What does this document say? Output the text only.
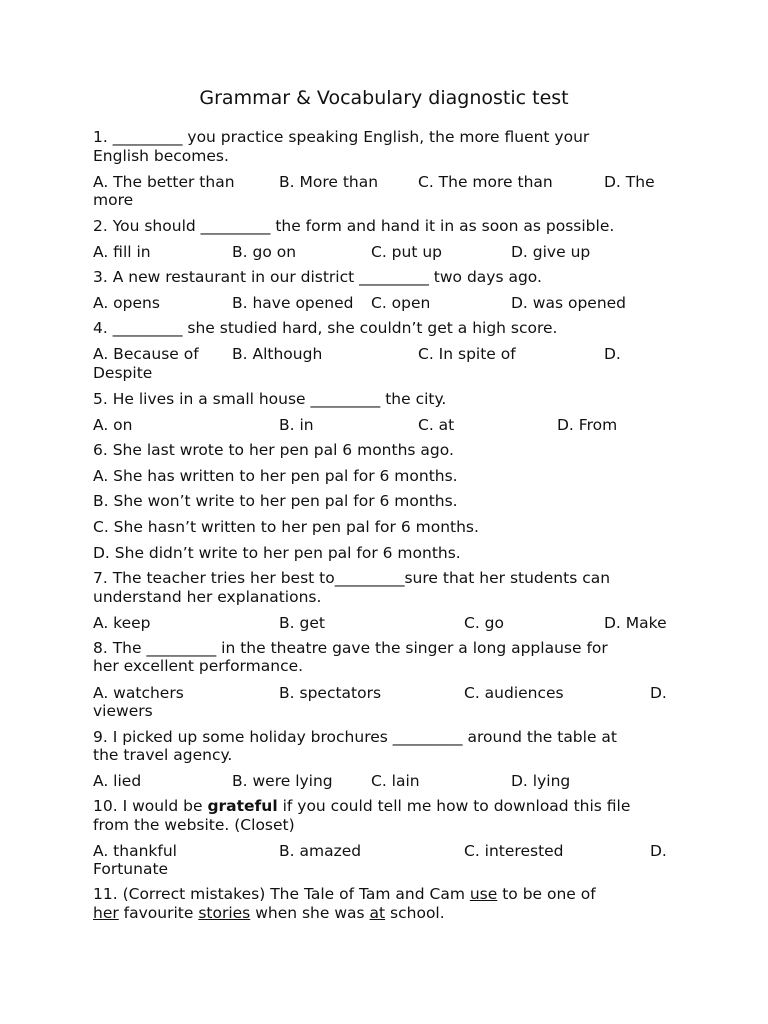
Grammar & Vocabulary diagnostic test
1. _________ you practice speaking English, the more fluent your
English becomes.
A. The better than	B. More than	C. The more than	D. The
more
2. You should _________ the form and hand it in as soon as possible.
A. fill in	B. go on	C. put up	D. give up
3. A new restaurant in our district _________ two days ago.
A. opens	B. have opened C. open	D. was opened
4. _________ she studied hard, she couldn’t get a high score.
A. Because of B. Although	C. In spite of	D.
Despite
5. He lives in a small house _________ the city.
A. on	B. in	C. at	D. From
6. She last wrote to her pen pal 6 months ago.
A. She has written to her pen pal for 6 months.
B. She won’t write to her pen pal for 6 months.
C. She hasn’t written to her pen pal for 6 months.
D. She didn’t write to her pen pal for 6 months.
7. The teacher tries her best to_________sure that her students can
understand her explanations.
A. keep	B. get	C. go	D. Make
8. The _________ in the theatre gave the singer a long applause for
her excellent performance.
A. watchers	B. spectators	C. audiences	D.
viewers
9. I picked up some holiday brochures _________ around the table at
the travel agency.
A. lied	B. were lying C. lain	D. lying
10. I would be grateful if you could tell me how to download this file
from the website. (Closet)
A. thankful	B. amazed	C. interested	D.
Fortunate
11. (Correct mistakes) The Tale of Tam and Cam use to be one of
her favourite stories when she was at school.
